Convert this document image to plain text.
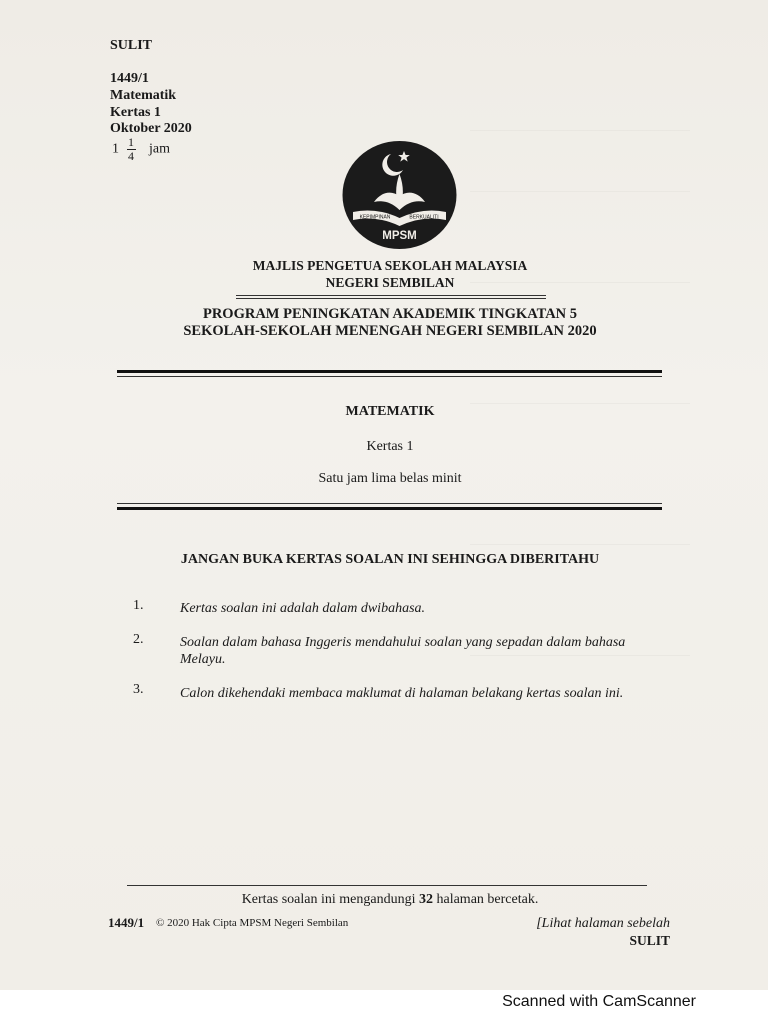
SULIT
1449/1
Matematik
Kertas 1
Oktober 2020
$1 \frac{1}{4}$ jam
KEPIMPINAN	BERKUALITI
MPSM
MAJLIS PENGETUA SEKOLAH MALAYSIA
NEGERI SEMBILAN
PROGRAM PENINGKATAN AKADEMIK TINGKATAN 5
SEKOLAH-SEKOLAH MENENGAH NEGERI SEMBILAN 2020
MATEMATIK
Kertas 1
Satu jam lima belas minit
JANGAN BUKA KERTAS SOALAN INI SEHINGGA DIBERITAHU
1.	Kertas soalan ini adalah dalam dwibahasa.
2.	Soalan dalam bahasa Inggeris mendahului soalan yang sepadan dalam bahasa Melayu.
3.	Calon dikehendaki membaca maklumat di halaman belakang kertas soalan ini.
Kertas soalan ini mengandungi 32 halaman bercetak.
1449/1 © 2020 Hak Cipta MPSM Negeri Sembilan	[Lihat halaman sebelah
SULIT
Scanned with CamScanner
